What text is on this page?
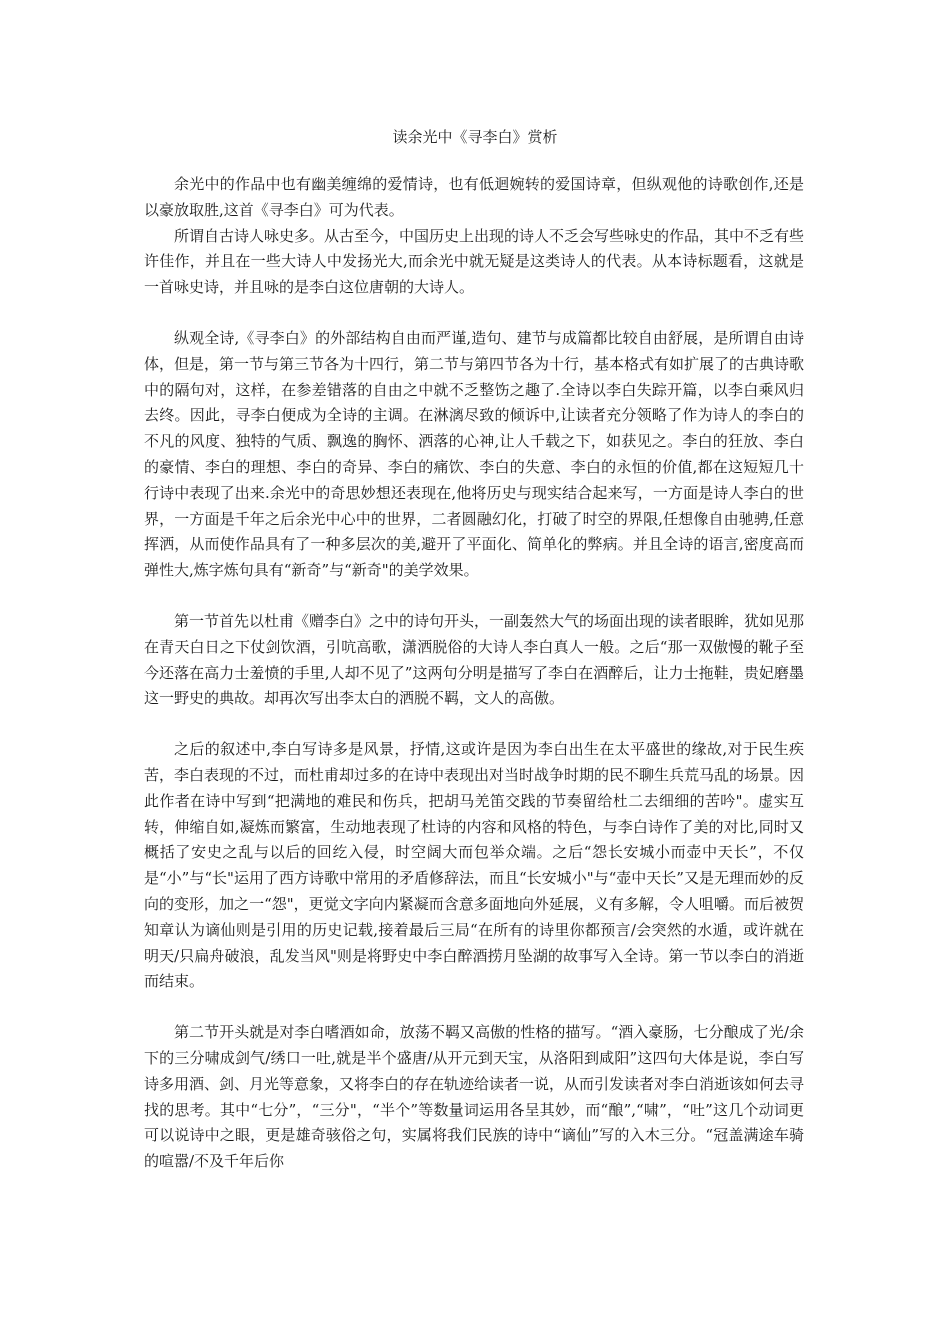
读余光中《寻李白》赏析

余光中的作品中也有幽美缠绵的爱情诗，也有低迴婉转的爱国诗章，但纵观他的诗歌创作,还是以豪放取胜,这首《寻李白》可为代表。

所谓自古诗人咏史多。从古至今，中国历史上出现的诗人不乏会写些咏史的作品，其中不乏有些许佳作，并且在一些大诗人中发扬光大,而余光中就无疑是这类诗人的代表。从本诗标题看，这就是一首咏史诗，并且咏的是李白这位唐朝的大诗人。

纵观全诗,《寻李白》的外部结构自由而严谨,造句、建节与成篇都比较自由舒展，是所谓自由诗体，但是，第一节与第三节各为十四行，第二节与第四节各为十行，基本格式有如扩展了的古典诗歌中的隔句对，这样，在参差错落的自由之中就不乏整饬之趣了.全诗以李白失踪开篇，以李白乘风归去终。因此，寻李白便成为全诗的主调。在淋漓尽致的倾诉中,让读者充分领略了作为诗人的李白的不凡的风度、独特的气质、飘逸的胸怀、洒落的心神,让人千载之下，如获见之。李白的狂放、李白的豪情、李白的理想、李白的奇异、李白的痛饮、李白的失意、李白的永恒的价值,都在这短短几十行诗中表现了出来.余光中的奇思妙想还表现在,他将历史与现实结合起来写，一方面是诗人李白的世界，一方面是千年之后余光中心中的世界，二者圆融幻化，打破了时空的界限,任想像自由驰骋,任意挥洒，从而使作品具有了一种多层次的美,避开了平面化、简单化的弊病。并且全诗的语言,密度高而弹性大,炼字炼句具有“新奇”与“新奇"的美学效果。

第一节首先以杜甫《赠李白》之中的诗句开头，一副轰然大气的场面出现的读者眼眸，犹如见那在青天白日之下仗剑饮酒，引吭高歌，潇洒脱俗的大诗人李白真人一般。之后“那一双傲慢的靴子至今还落在高力士羞愤的手里,人却不见了”这两句分明是描写了李白在酒醉后，让力士拖鞋，贵妃磨墨这一野史的典故。却再次写出李太白的洒脱不羁，文人的高傲。

之后的叙述中,李白写诗多是风景，抒情,这或许是因为李白出生在太平盛世的缘故,对于民生疾苦，李白表现的不过，而杜甫却过多的在诗中表现出对当时战争时期的民不聊生兵荒马乱的场景。因此作者在诗中写到“把满地的难民和伤兵，把胡马羌笛交践的节奏留给杜二去细细的苦吟"。虚实互转，伸缩自如,凝炼而繁富，生动地表现了杜诗的内容和风格的特色，与李白诗作了美的对比,同时又概括了安史之乱与以后的回纥入侵，时空阔大而包举众端。之后“怨长安城小而壶中天长”，不仅是“小”与“长"运用了西方诗歌中常用的矛盾修辞法，而且“长安城小"与“壶中天长”又是无理而妙的反向的变形，加之一“怨"，更觉文字向内紧凝而含意多面地向外延展，义有多解，令人咀嚼。而后被贺知章认为谪仙则是引用的历史记载,接着最后三局“在所有的诗里你都预言/会突然的水遁，或许就在明天/只扁舟破浪，乱发当风"则是将野史中李白醉酒捞月坠湖的故事写入全诗。第一节以李白的消逝而结束。

第二节开头就是对李白嗜酒如命，放荡不羁又高傲的性格的描写。“酒入豪肠，七分酿成了光/余下的三分啸成剑气/绣口一吐,就是半个盛唐/从开元到天宝，从洛阳到咸阳”这四句大体是说，李白写诗多用酒、剑、月光等意象，又将李白的存在轨迹给读者一说，从而引发读者对李白消逝该如何去寻找的思考。其中“七分”，“三分"，“半个”等数量词运用各呈其妙，而“酿”,“啸”，“吐”这几个动词更可以说诗中之眼，更是雄奇骇俗之句，实属将我们民族的诗中“谪仙”写的入木三分。“冠盖满途车骑的喧嚣/不及千年后你
